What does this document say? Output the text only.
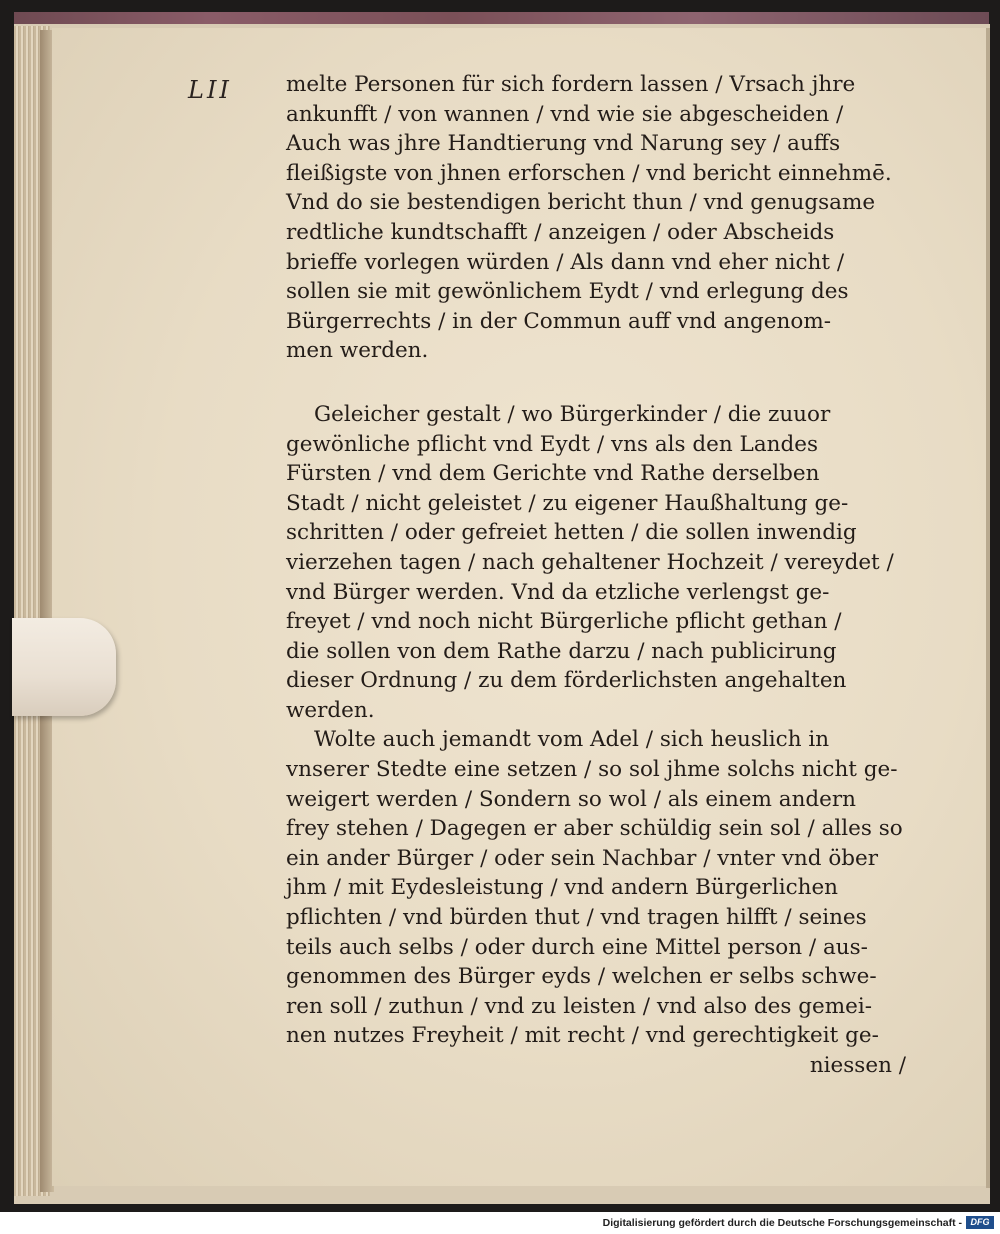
LII	melte Personen für sich fordern lassen / Vrsach jhre
ankunfft / von wannen / vnd wie sie abgescheiden /
Auch was jhre Handtierung vnd Narung sey / auffs
fleißigste von jhnen erforschen / vnd bericht einnehmē.
Vnd do sie bestendigen bericht thun / vnd genugsame
redtliche kundtschafft / anzeigen / oder Abscheids
brieffe vorlegen würden / Als dann vnd eher nicht /
sollen sie mit gewönlichem Eydt / vnd erlegung des
Bürgerrechts / in der Commun auff vnd angenom-
men werden.
Geleicher gestalt / wo Bürgerkinder / die zuuor
gewönliche pflicht vnd Eydt / vns als den Landes
Fürsten / vnd dem Gerichte vnd Rathe derselben
Stadt / nicht geleistet / zu eigener Haußhaltung ge-
schritten / oder gefreiet hetten / die sollen inwendig
vierzehen tagen / nach gehaltener Hochzeit / vereydet /
vnd Bürger werden. Vnd da etzliche verlengst ge-
freyet / vnd noch nicht Bürgerliche pflicht gethan /
die sollen von dem Rathe darzu / nach publicirung
dieser Ordnung / zu dem förderlichsten angehalten
werden.
Wolte auch jemandt vom Adel / sich heuslich in
vnserer Stedte eine setzen / so sol jhme solchs nicht ge-
weigert werden / Sondern so wol / als einem andern
frey stehen / Dagegen er aber schüldig sein sol / alles so
ein ander Bürger / oder sein Nachbar / vnter vnd öber
jhm / mit Eydesleistung / vnd andern Bürgerlichen
pflichten / vnd bürden thut / vnd tragen hilfft / seines
teils auch selbs / oder durch eine Mittel person / aus-
genommen des Bürger eyds / welchen er selbs schwe-
ren soll / zuthun / vnd zu leisten / vnd also des gemei-
nen nutzes Freyheit / mit recht / vnd gerechtigkeit ge-
niessen /
Digitalisierung gefördert durch die Deutsche Forschungsgemeinschaft - DFG
